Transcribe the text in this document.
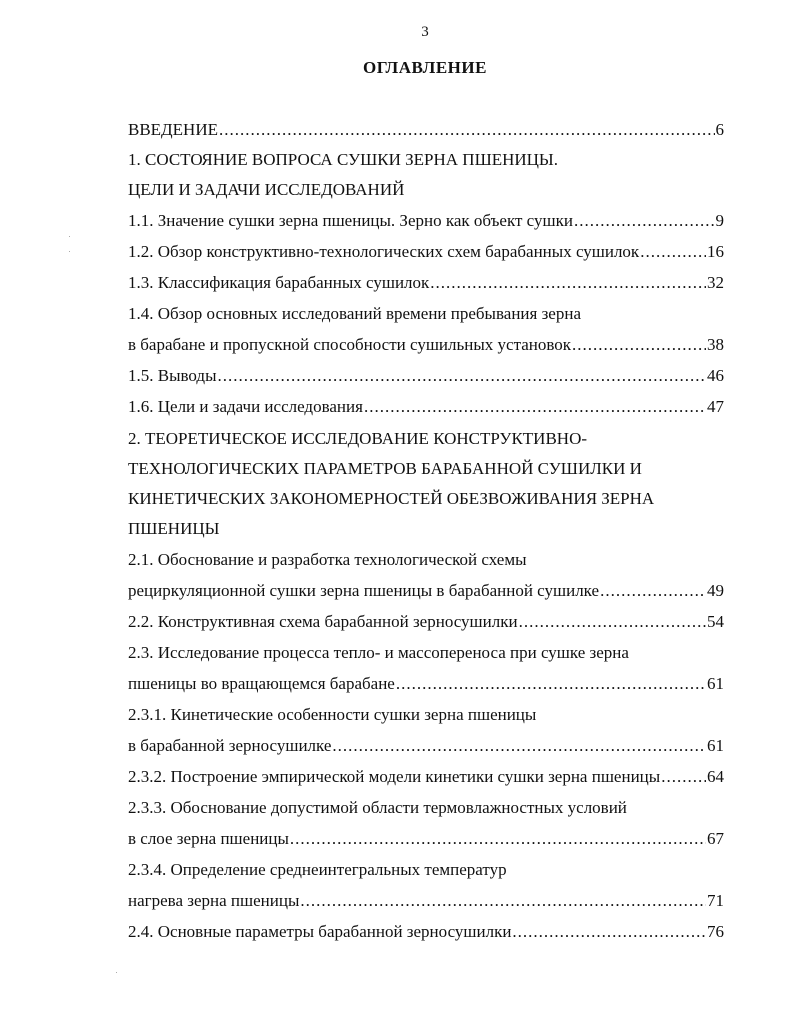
3
ОГЛАВЛЕНИЕ
ВВЕДЕНИЕ .....	6
1. СОСТОЯНИЕ ВОПРОСА СУШКИ ЗЕРНА ПШЕНИЦЫ.
ЦЕЛИ И ЗАДАЧИ ИССЛЕДОВАНИЙ
1.1. Значение сушки зерна пшеницы. Зерно как объект сушки .....	9
1.2. Обзор конструктивно-технологических схем барабанных сушилок .....	16
1.3. Классификация барабанных сушилок .....	32
1.4. Обзор основных исследований времени пребывания зерна
в барабане и пропускной способности сушильных установок .....	38
1.5. Выводы .....	46
1.6. Цели и задачи исследования .....	47
2. ТЕОРЕТИЧЕСКОЕ ИССЛЕДОВАНИЕ КОНСТРУКТИВНО-
ТЕХНОЛОГИЧЕСКИХ ПАРАМЕТРОВ БАРАБАННОЙ СУШИЛКИ И
КИНЕТИЧЕСКИХ ЗАКОНОМЕРНОСТЕЙ ОБЕЗВОЖИВАНИЯ ЗЕРНА
ПШЕНИЦЫ
2.1. Обоснование и разработка технологической схемы
рециркуляционной сушки зерна пшеницы в барабанной сушилке .....	49
2.2. Конструктивная схема барабанной зерносушилки .....	54
2.3. Исследование процесса тепло- и массопереноса при сушке зерна
пшеницы во вращающемся барабане .....	61
2.3.1. Кинетические особенности сушки зерна пшеницы
в барабанной зерносушилке .....	61
2.3.2. Построение эмпирической модели кинетики сушки зерна пшеницы .....	64
2.3.3. Обоснование допустимой области термовлажностных условий
в слое зерна пшеницы .....	67
2.3.4. Определение среднеинтегральных температур
нагрева зерна пшеницы .....	71
2.4. Основные параметры барабанной зерносушилки .....	76
